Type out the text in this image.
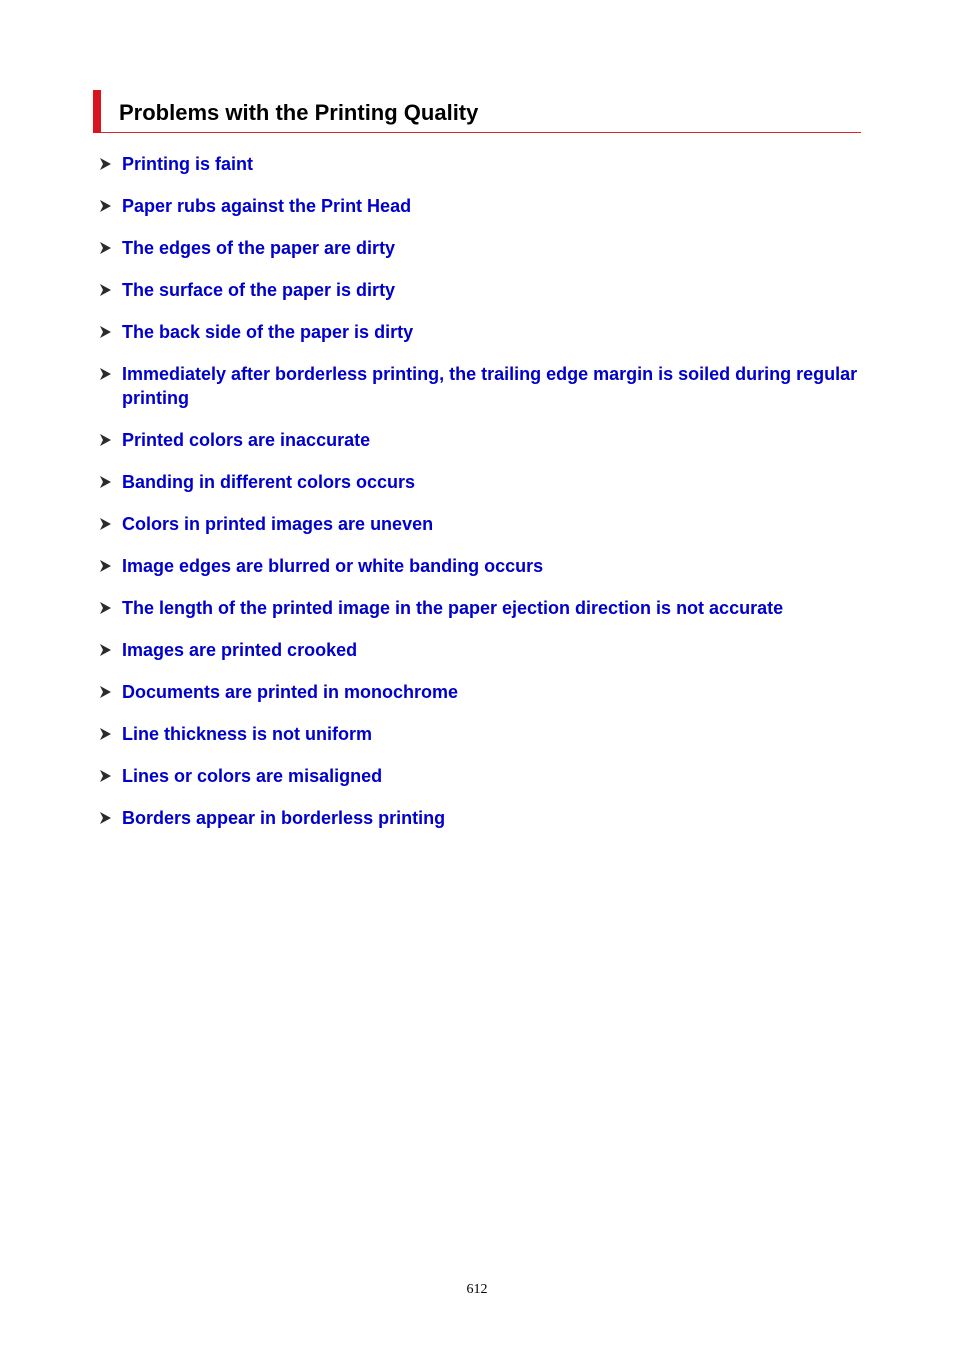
Problems with the Printing Quality
Printing is faint
Paper rubs against the Print Head
The edges of the paper are dirty
The surface of the paper is dirty
The back side of the paper is dirty
Immediately after borderless printing, the trailing edge margin is soiled during regular printing
Printed colors are inaccurate
Banding in different colors occurs
Colors in printed images are uneven
Image edges are blurred or white banding occurs
The length of the printed image in the paper ejection direction is not accurate
Images are printed crooked
Documents are printed in monochrome
Line thickness is not uniform
Lines or colors are misaligned
Borders appear in borderless printing
612
